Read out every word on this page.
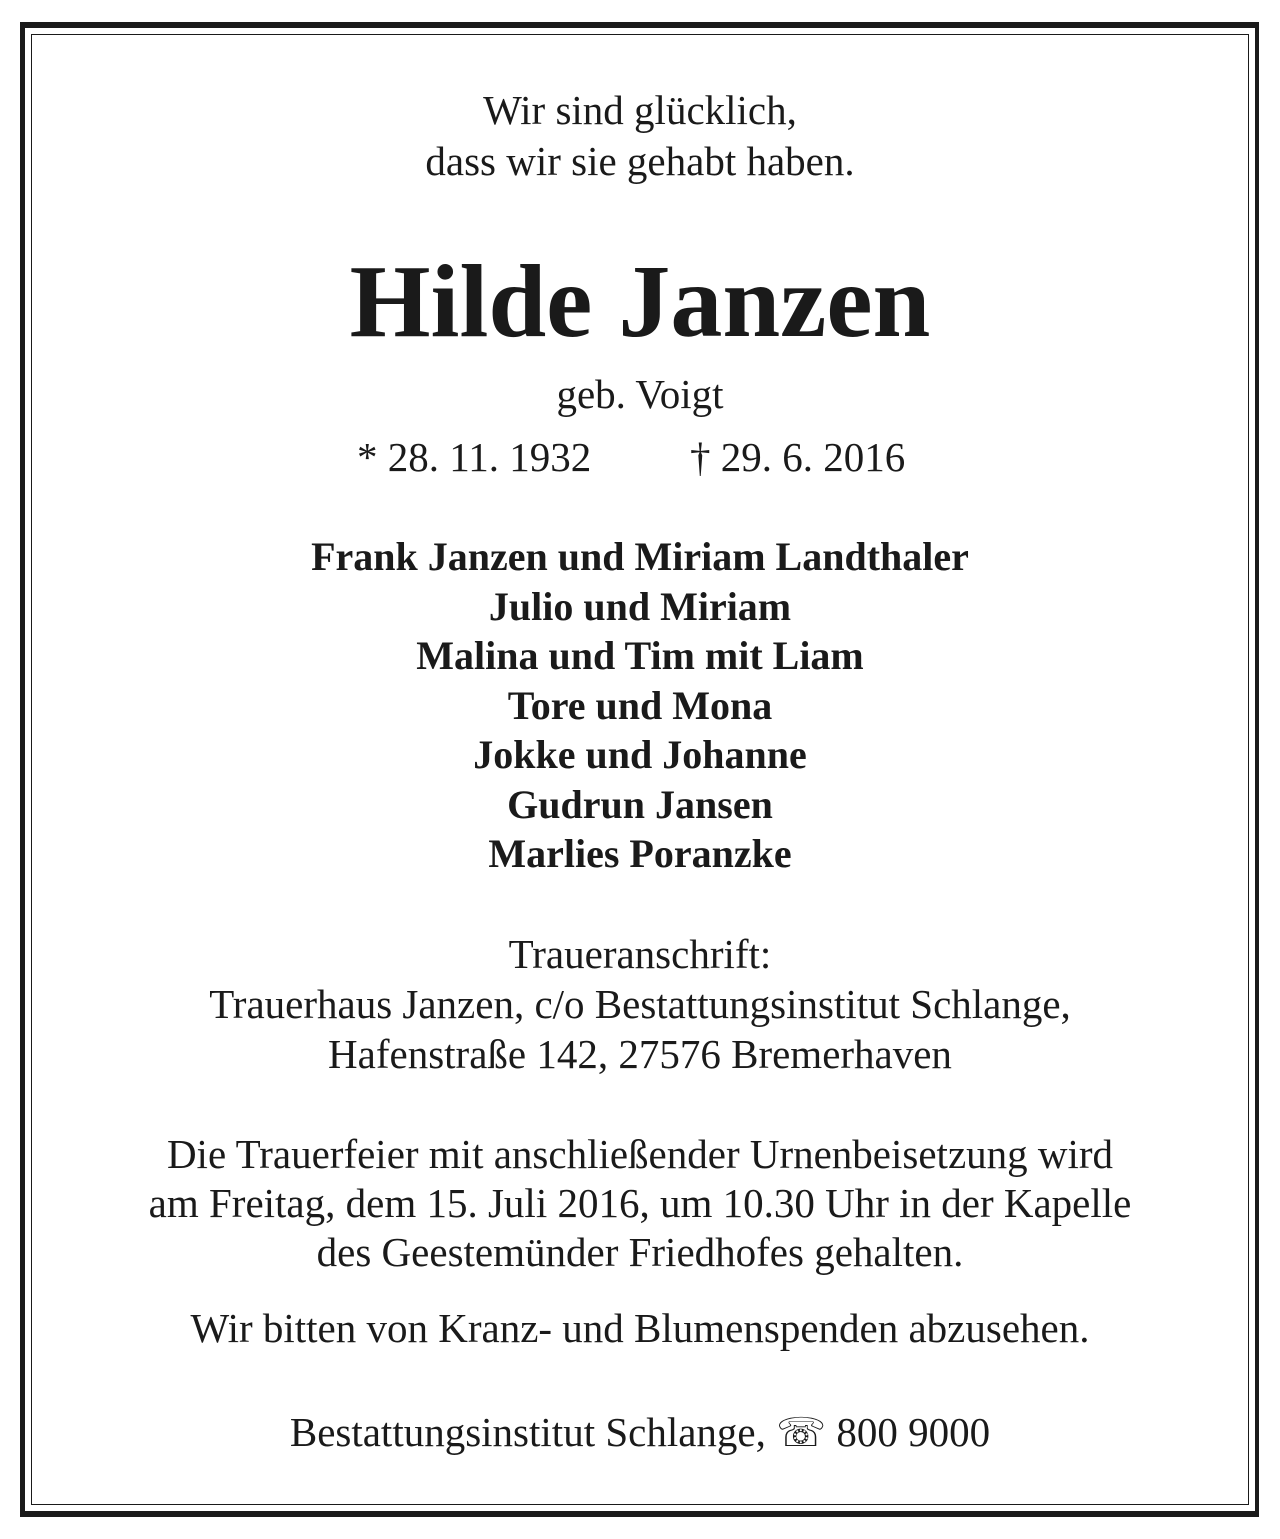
Wir sind glücklich,
dass wir sie gehabt haben.
Hilde Janzen
geb. Voigt
* 28. 11. 1932 † 29. 6. 2016
Frank Janzen und Miriam Landthaler
Julio und Miriam
Malina und Tim mit Liam
Tore und Mona
Jokke und Johanne
Gudrun Jansen
Marlies Poranzke
Traueranschrift:
Trauerhaus Janzen, c/o Bestattungsinstitut Schlange,
Hafenstraße 142, 27576 Bremerhaven
Die Trauerfeier mit anschließender Urnenbeisetzung wird
am Freitag, dem 15. Juli 2016, um 10.30 Uhr in der Kapelle
des Geestemünder Friedhofes gehalten.
Wir bitten von Kranz- und Blumenspenden abzusehen.
Bestattungsinstitut Schlange, ☏ 800 9000
